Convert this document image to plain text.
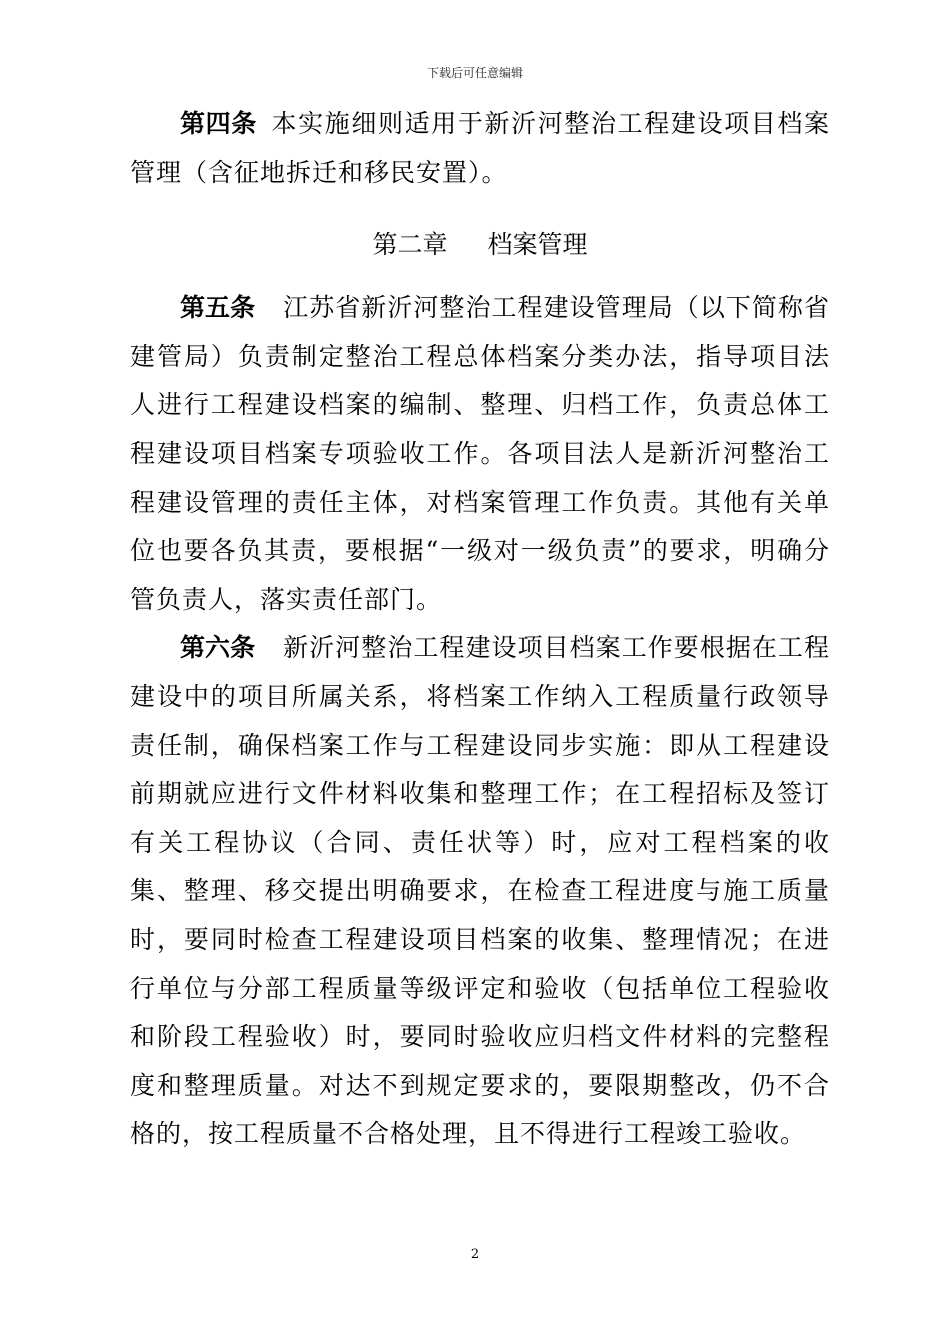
下载后可任意编辑

第四条 本实施细则适用于新沂河整治工程建设项目档案管理（含征地拆迁和移民安置）。

第二章 档案管理

第五条 江苏省新沂河整治工程建设管理局（以下简称省建管局）负责制定整治工程总体档案分类办法，指导项目法人进行工程建设档案的编制、整理、归档工作，负责总体工程建设项目档案专项验收工作。各项目法人是新沂河整治工程建设管理的责任主体，对档案管理工作负责。其他有关单位也要各负其责，要根据“一级对一级负责”的要求，明确分管负责人，落实责任部门。

第六条 新沂河整治工程建设项目档案工作要根据在工程建设中的项目所属关系，将档案工作纳入工程质量行政领导责任制，确保档案工作与工程建设同步实施：即从工程建设前期就应进行文件材料收集和整理工作；在工程招标及签订有关工程协议（合同、责任状等）时，应对工程档案的收集、整理、移交提出明确要求，在检查工程进度与施工质量时，要同时检查工程建设项目档案的收集、整理情况；在进行单位与分部工程质量等级评定和验收（包括单位工程验收和阶段工程验收）时，要同时验收应归档文件材料的完整程度和整理质量。对达不到规定要求的，要限期整改，仍不合格的，按工程质量不合格处理，且不得进行工程竣工验收。

2
